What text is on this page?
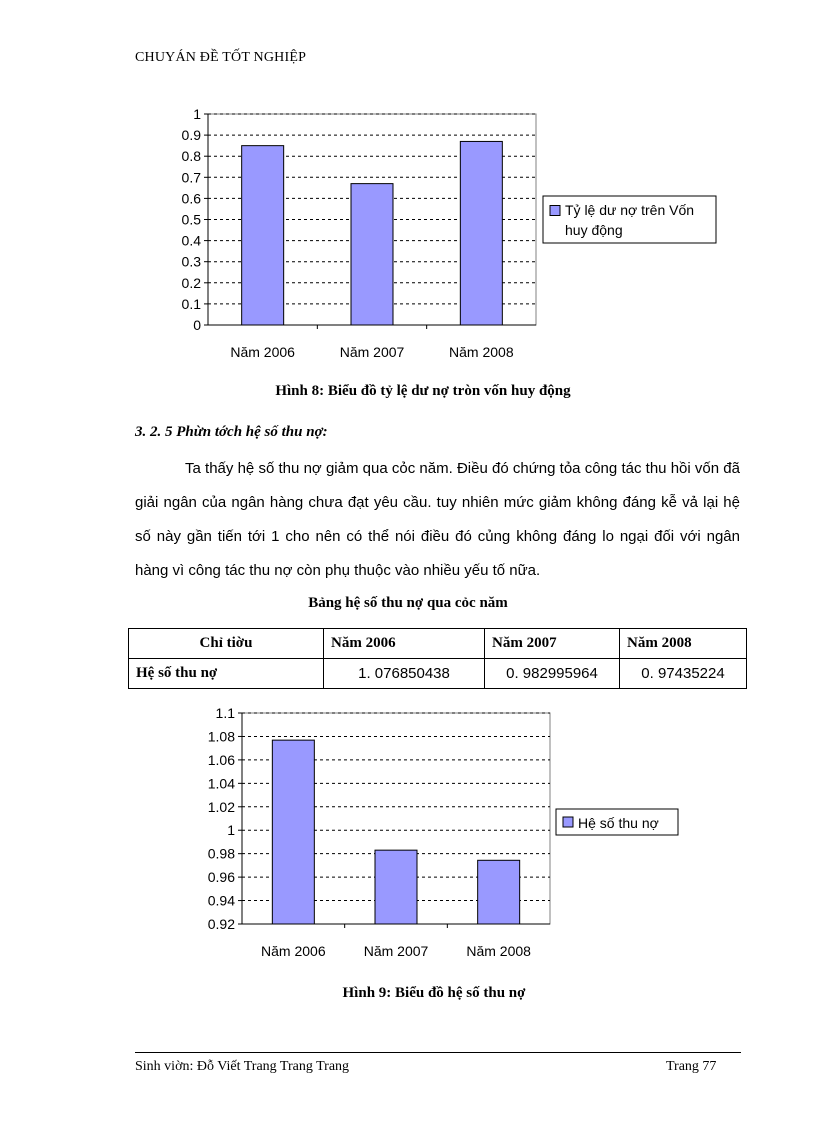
CHUYÁN ĐỀ TỐT NGHIỆP
0
0.1
0.2
0.3
0.4
0.5
0.6
0.7
0.8
0.9
1
Năm 2006	Năm 2007	Năm 2008
Tỷ lệ dư nợ trên Vốn
huy động
Hình 8: Biểu đồ tỷ lệ dư nợ tròn vốn huy động
3. 2. 5 Phừn tớch hệ số thu nợ:
Ta thấy hệ số thu nợ giảm qua cỏc năm. Điều đó chứng tỏa công tác thu hồi vốn đã giải ngân của ngân hàng chưa đạt yêu cầu. tuy nhiên mức giảm không đáng kễ vả lại hệ số này gần tiến tới 1 cho nên có thể nói điều đó củng không đáng lo ngại đối với ngân hàng vì công tác thu nợ còn phụ thuộc vào nhiều yếu tố nữa.
Bảng hệ số thu nợ qua cỏc năm
Chỉ tiờu	Năm 2006	Năm 2007	Năm 2008
Hệ số thu nợ	1. 076850438	0. 982995964	0. 97435224
0.92
0.94
0.96
0.98
1
1.02
1.04
1.06
1.08
1.1
Năm 2006	Năm 2007	Năm 2008
Hệ số thu nợ
Hình 9: Biểu đồ hệ số thu nợ
Sinh viờn: Đỗ Viết Trang Trang Trang	Trang 77
